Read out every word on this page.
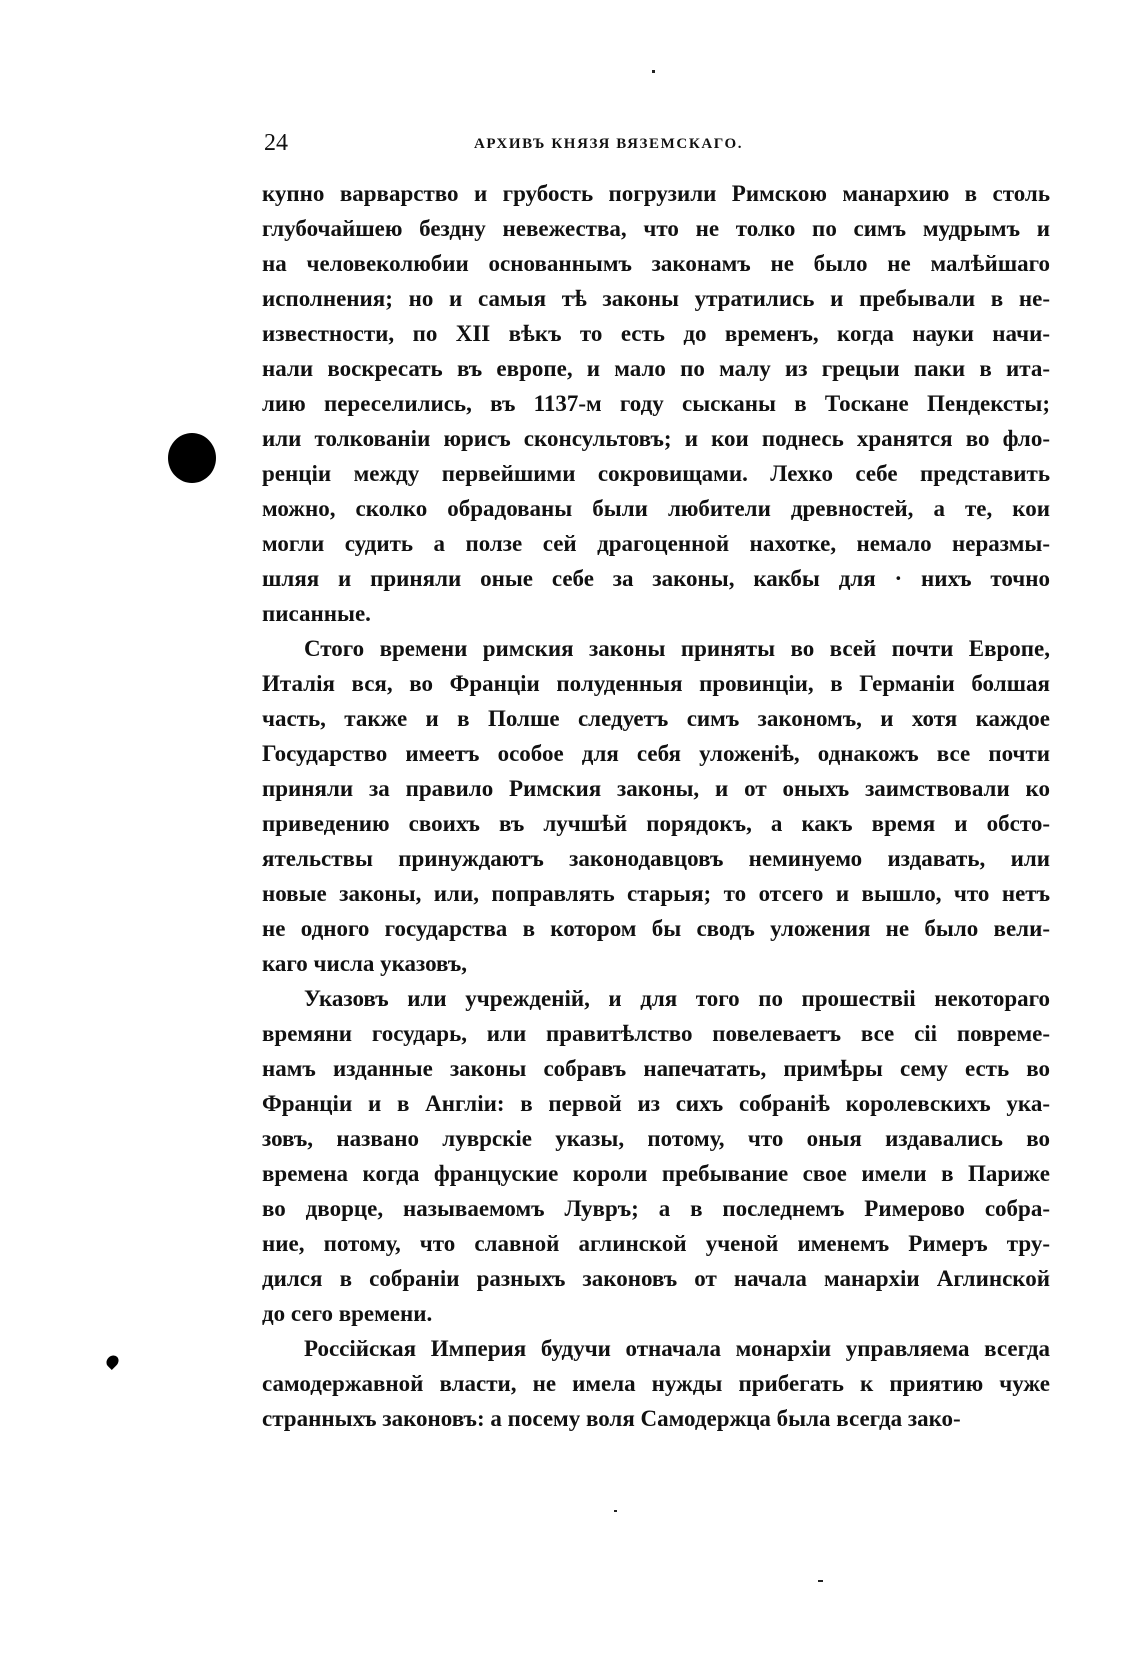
24	АРХИВЪ КНЯЗЯ ВЯЗЕМСКАГО.
купно варварство и грубость погрузили Римскою манархию в столь
глубочайшею бездну невежества, что не толко по симъ мудрымъ и
на человеколюбии основаннымъ законамъ не было не малѣйшаго
исполнения; но и самыя тѣ законы утратились и пребывали в не-
известности, по XII вѣкъ то есть до временъ, когда науки начи-
нали воскресать въ европе, и мало по малу из грецыи паки в ита-
лию переселились, въ 1137-м году сысканы в Тоскане Пендексты;
или толкованiи юрисъ сконсультовъ; и кои поднесь хранятся во фло-
ренцiи между первейшими сокровищами. Лехко себе представить
можно, сколко обрадованы были любители древностей, а те, кои
могли судить а ползе сей драгоценной нахотке, немало неразмы-
шляя и приняли оные себе за законы, какбы для · нихъ точно
писанные.
Стого времени римския законы приняты во всей почти Европе,
Италія вся, во Францiи полуденныя провинцiи, в Германiи болшая
часть, также и в Полше следуетъ симъ закономъ, и хотя каждое
Государство имеетъ особое для себя уложенiѣ, однакожъ все почти
приняли за правило Римския законы, и от оныхъ заимствовали ко
приведению своихъ въ лучшѣй порядокъ, а какъ время и обсто-
ятельствы принуждаютъ законодавцовъ неминуемо издавать, или
новые законы, или, поправлять старыя; то отсего и вышло, что нетъ
не одного государства в котором бы сводъ уложения не было вели-
каго числа указовъ,
Указовъ или учрежденiй, и для того по прошествiі некотораго
времяни государь, или правитѣлство повелеваетъ все сiі повреме-
намъ изданные законы собравъ напечатать, примѣры сему есть во
Францiи и в Англiи: в первой из сихъ собранiѣ королевскихъ ука-
зовъ, названо луврскiе указы, потому, что оныя издавались во
времена когда француские короли пребывание свое имели в Париже
во дворце, называемомъ Лувръ; а в последнемъ Римерово собра-
ние, потому, что славной аглинской ученой именемъ Римеръ тру-
дился в собранiи разныхъ законовъ от начала манархiи Аглинской
до сего времени.
Россiйская Империя будучи отначала монархiи управляема всегда
самодержавной власти, не имела нужды прибегать к приятию чуже
странныхъ законовъ: а посему воля Самодержца была всегда зако-
